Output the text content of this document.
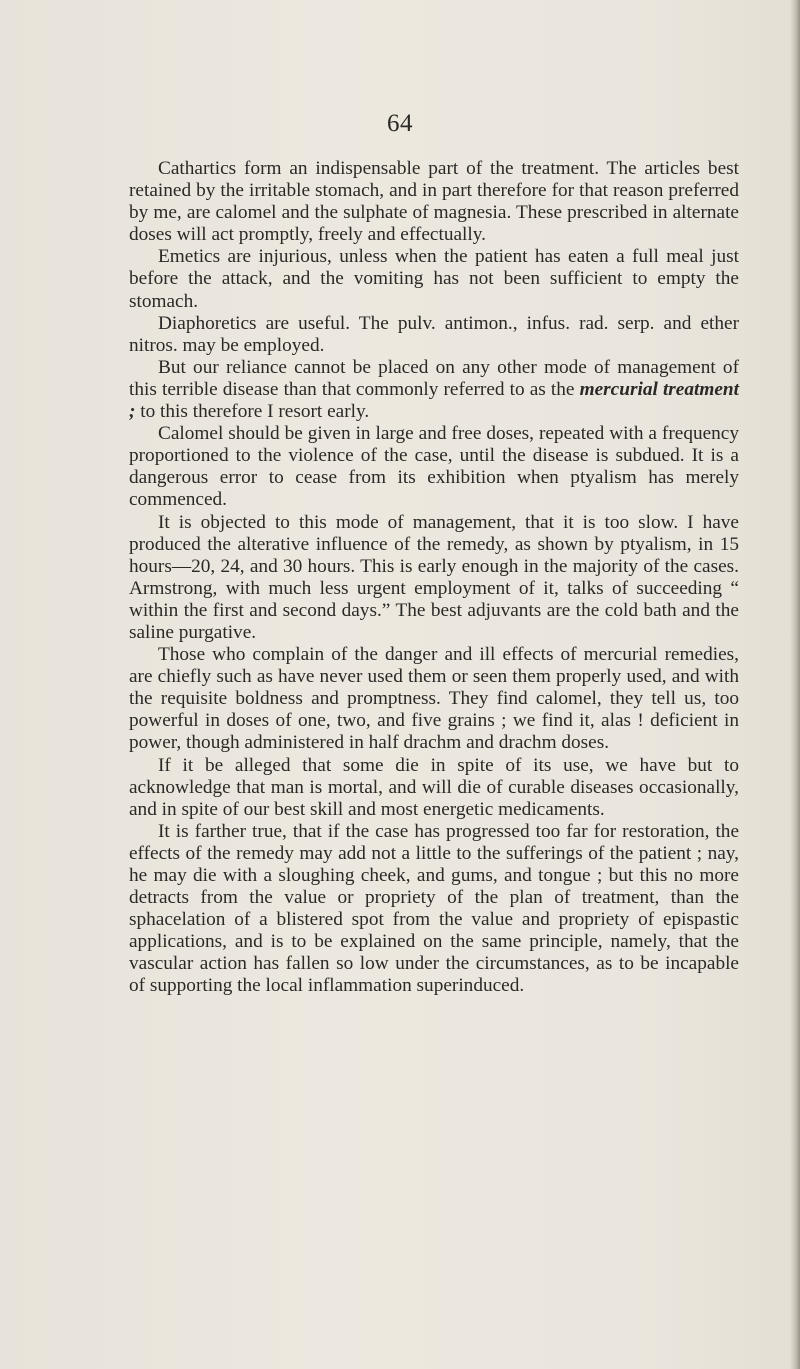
64

Cathartics form an indispensable part of the treatment. The articles best retained by the irritable stomach, and in part therefore for that reason preferred by me, are calomel and the sulphate of magnesia. These prescribed in alternate doses will act promptly, freely and effectually.

Emetics are injurious, unless when the patient has eaten a full meal just before the attack, and the vomiting has not been sufficient to empty the stomach.

Diaphoretics are useful. The pulv. antimon., infus. rad. serp. and ether nitros. may be employed.

But our reliance cannot be placed on any other mode of management of this terrible disease than that commonly referred to as the mercurial treatment ; to this therefore I resort early.

Calomel should be given in large and free doses, repeated with a frequency proportioned to the violence of the case, until the disease is subdued. It is a dangerous error to cease from its exhibition when ptyalism has merely commenced.

It is objected to this mode of management, that it is too slow. I have produced the alterative influence of the remedy, as shown by ptyalism, in 15 hours—20, 24, and 30 hours. This is early enough in the majority of the cases. Armstrong, with much less urgent employment of it, talks of succeeding “ within the first and second days.” The best adjuvants are the cold bath and the saline purgative.

Those who complain of the danger and ill effects of mercurial remedies, are chiefly such as have never used them or seen them properly used, and with the requisite boldness and promptness. They find calomel, they tell us, too powerful in doses of one, two, and five grains ; we find it, alas ! deficient in power, though administered in half drachm and drachm doses.

If it be alleged that some die in spite of its use, we have but to acknowledge that man is mortal, and will die of curable diseases occasionally, and in spite of our best skill and most energetic medicaments.

It is farther true, that if the case has progressed too far for restoration, the effects of the remedy may add not a little to the sufferings of the patient ; nay, he may die with a sloughing cheek, and gums, and tongue ; but this no more detracts from the value or propriety of the plan of treatment, than the sphacelation of a blistered spot from the value and propriety of epispastic applications, and is to be explained on the same principle, namely, that the vascular action has fallen so low under the circumstances, as to be incapable of supporting the local inflammation superinduced.
